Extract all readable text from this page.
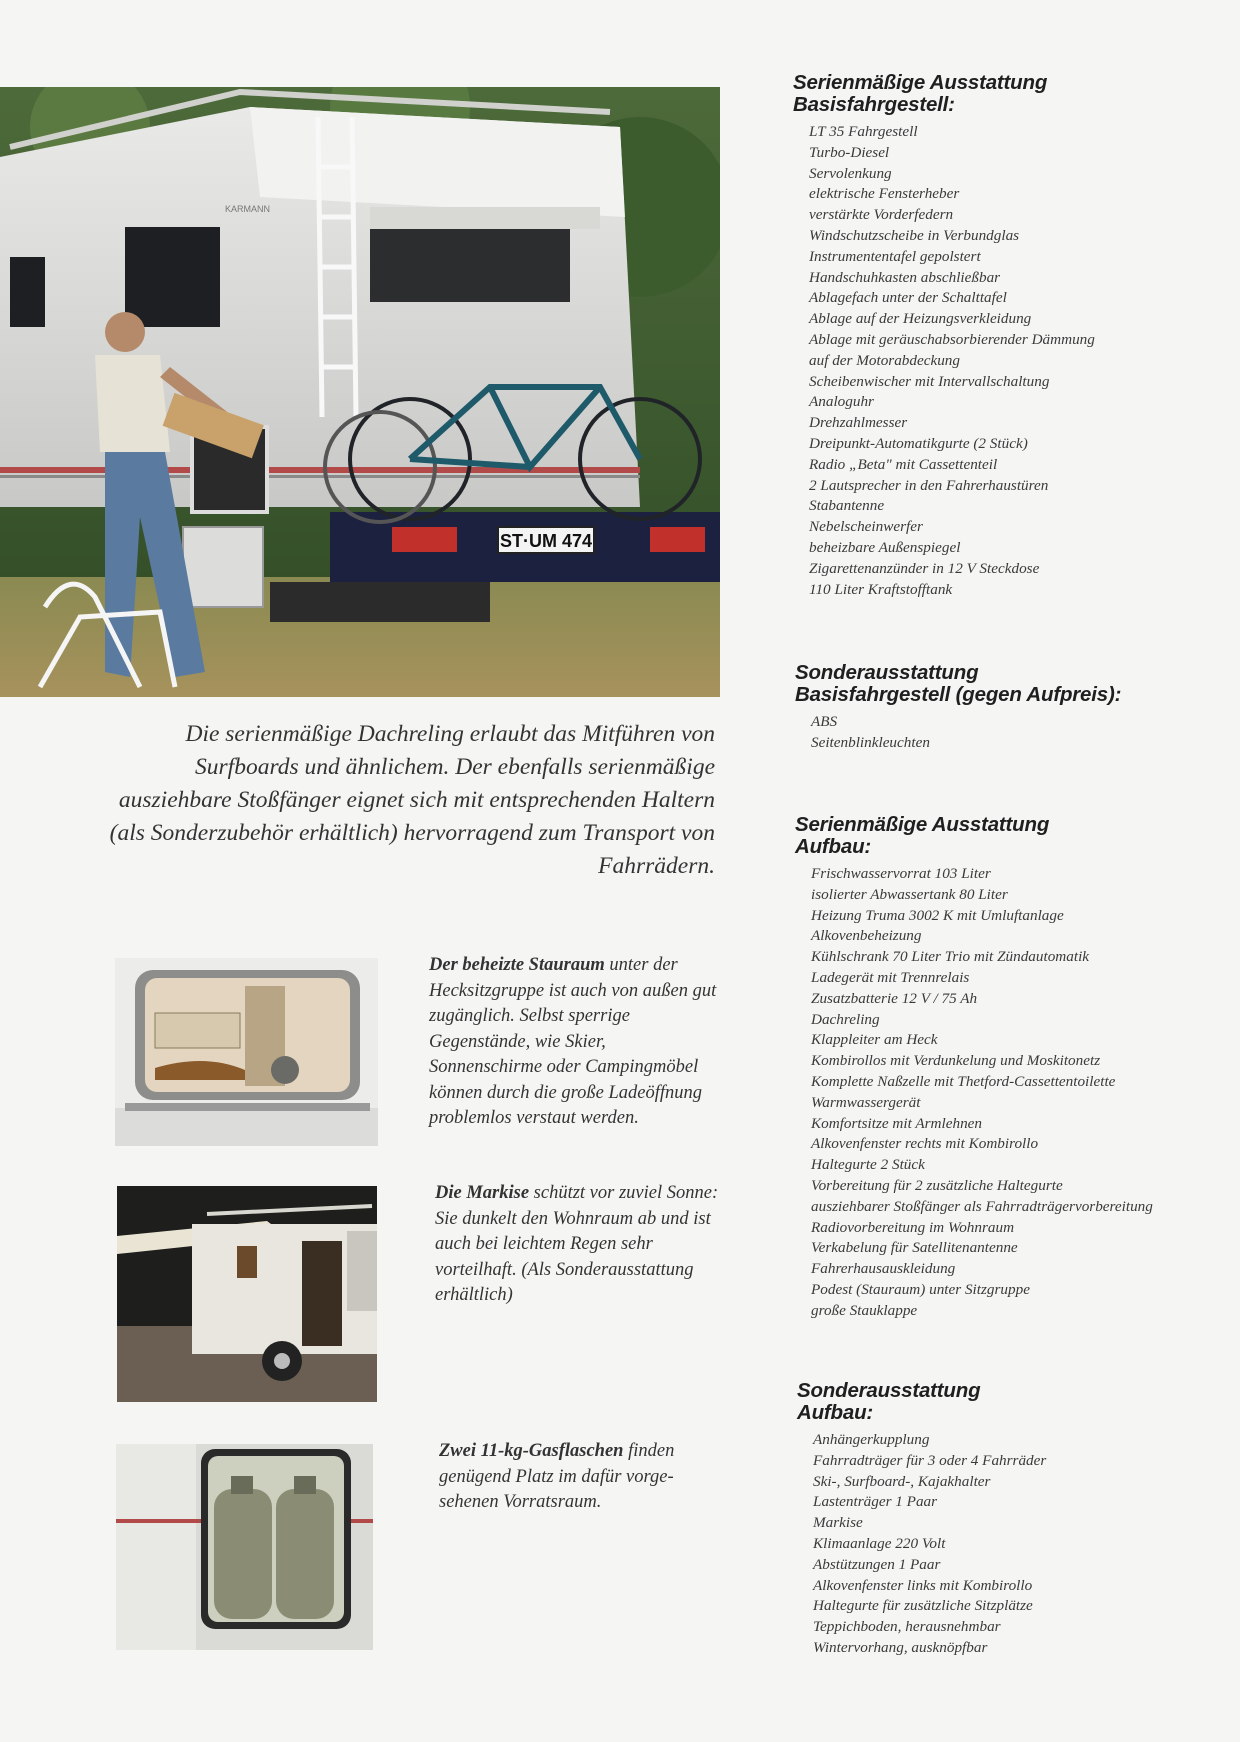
ST·UM 474
KARMANN

Die serienmäßige Dachreling erlaubt das Mitführen von Surfboards und ähnlichem. Der ebenfalls serienmäßige ausziehbare Stoßfänger eignet sich mit entsprechenden Haltern (als Sonderzubehör erhältlich) hervorragend zum Transport von Fahrrädern.

Der beheizte Stauraum unter der Hecksitzgruppe ist auch von außen gut zugänglich. Selbst sperrige Gegenstände, wie Skier, Sonnenschirme oder Campingmöbel können durch die große Ladeöffnung problemlos verstaut werden.

Die Markise schützt vor zuviel Sonne: Sie dunkelt den Wohnraum ab und ist auch bei leichtem Regen sehr vorteilhaft. (Als Sonderausstattung erhältlich)

Zwei 11-kg-Gasflaschen finden genügend Platz im dafür vorgesehenen Vorratsraum.

Serienmäßige Ausstattung
Basisfahrgestell:
LT 35 Fahrgestell
Turbo-Diesel
Servolenkung
elektrische Fensterheber
verstärkte Vorderfedern
Windschutzscheibe in Verbundglas
Instrumententafel gepolstert
Handschuhkasten abschließbar
Ablagefach unter der Schalttafel
Ablage auf der Heizungsverkleidung
Ablage mit geräuschabsorbierender Dämmung
auf der Motorabdeckung
Scheibenwischer mit Intervallschaltung
Analoguhr
Drehzahlmesser
Dreipunkt-Automatikgurte (2 Stück)
Radio „Beta" mit Cassettenteil
2 Lautsprecher in den Fahrerhaustüren
Stabantenne
Nebelscheinwerfer
beheizbare Außenspiegel
Zigarettenanzünder in 12 V Steckdose
110 Liter Kraftstofftank
Sonderausstattung
Basisfahrgestell (gegen Aufpreis):
ABS
Seitenblinkleuchten
Serienmäßige Ausstattung
Aufbau:
Frischwasservorrat 103 Liter
isolierter Abwassertank 80 Liter
Heizung Truma 3002 K mit Umluftanlage
Alkovenbeheizung
Kühlschrank 70 Liter Trio mit Zündautomatik
Ladegerät mit Trennrelais
Zusatzbatterie 12 V / 75 Ah
Dachreling
Klappleiter am Heck
Kombirollos mit Verdunkelung und Moskitonetz
Komplette Naßzelle mit Thetford-Cassettentoilette
Warmwassergerät
Komfortsitze mit Armlehnen
Alkovenfenster rechts mit Kombirollo
Haltegurte 2 Stück
Vorbereitung für 2 zusätzliche Haltegurte
ausziehbarer Stoßfänger als Fahrradträgervorbereitung
Radiovorbereitung im Wohnraum
Verkabelung für Satellitenantenne
Fahrerhausauskleidung
Podest (Stauraum) unter Sitzgruppe
große Stauklappe
Sonderausstattung
Aufbau:
Anhängerkupplung
Fahrradträger für 3 oder 4 Fahrräder
Ski-, Surfboard-, Kajakhalter
Lastenträger 1 Paar
Markise
Klimaanlage 220 Volt
Abstützungen 1 Paar
Alkovenfenster links mit Kombirollo
Haltegurte für zusätzliche Sitzplätze
Teppichboden, herausnehmbar
Wintervorhang, ausknöpfbar
